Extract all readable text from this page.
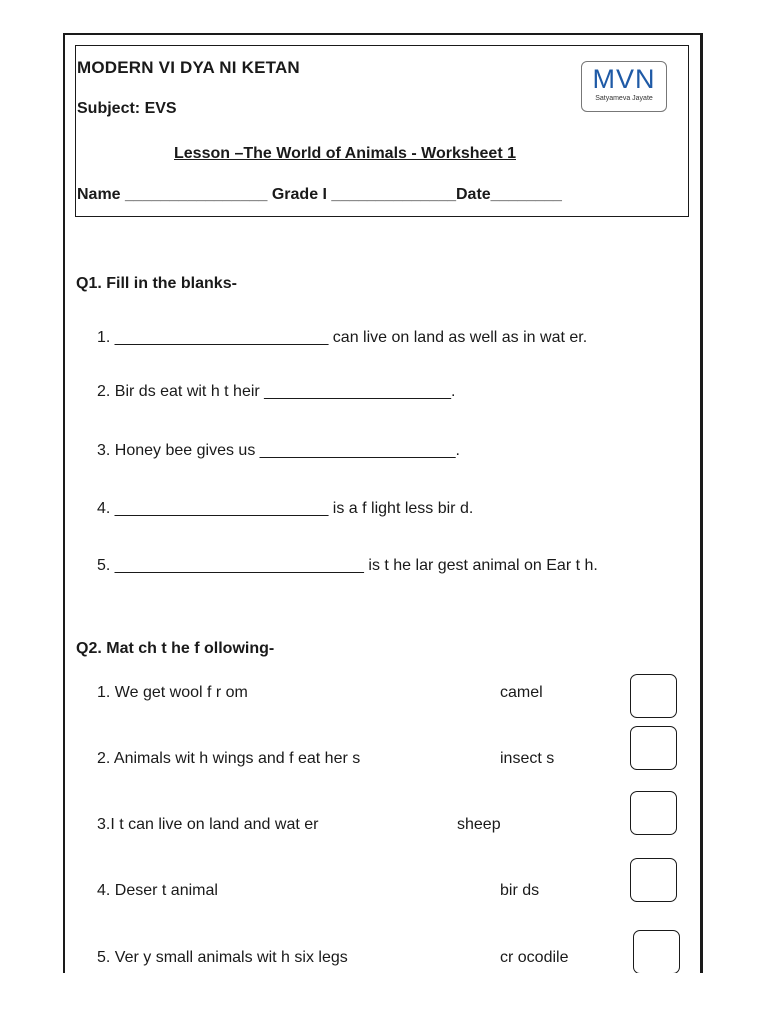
MODERN VI DYA NI KETAN
Subject: EVS
Lesson –The World of Animals - Worksheet 1
Name ________________ Grade I ______________Date________
MVN
Satyameva Jayate
Q1. Fill in the blanks-
1. ________________________ can live on land as well as in wat er.
2. Bir ds eat wit h t heir _____________________.
3. Honey bee gives us ______________________.
4. ________________________ is a f light less bir d.
5. ____________________________ is t he lar gest animal on Ear t h.
Q2. Mat ch t he f ollowing-
1. We get wool f r om	camel
2. Animals wit h wings and f eat her s	insect s
3.I t can live on land and wat er	sheep
4. Deser t animal	bir ds
5. Ver y small animals wit h six legs	cr ocodile
